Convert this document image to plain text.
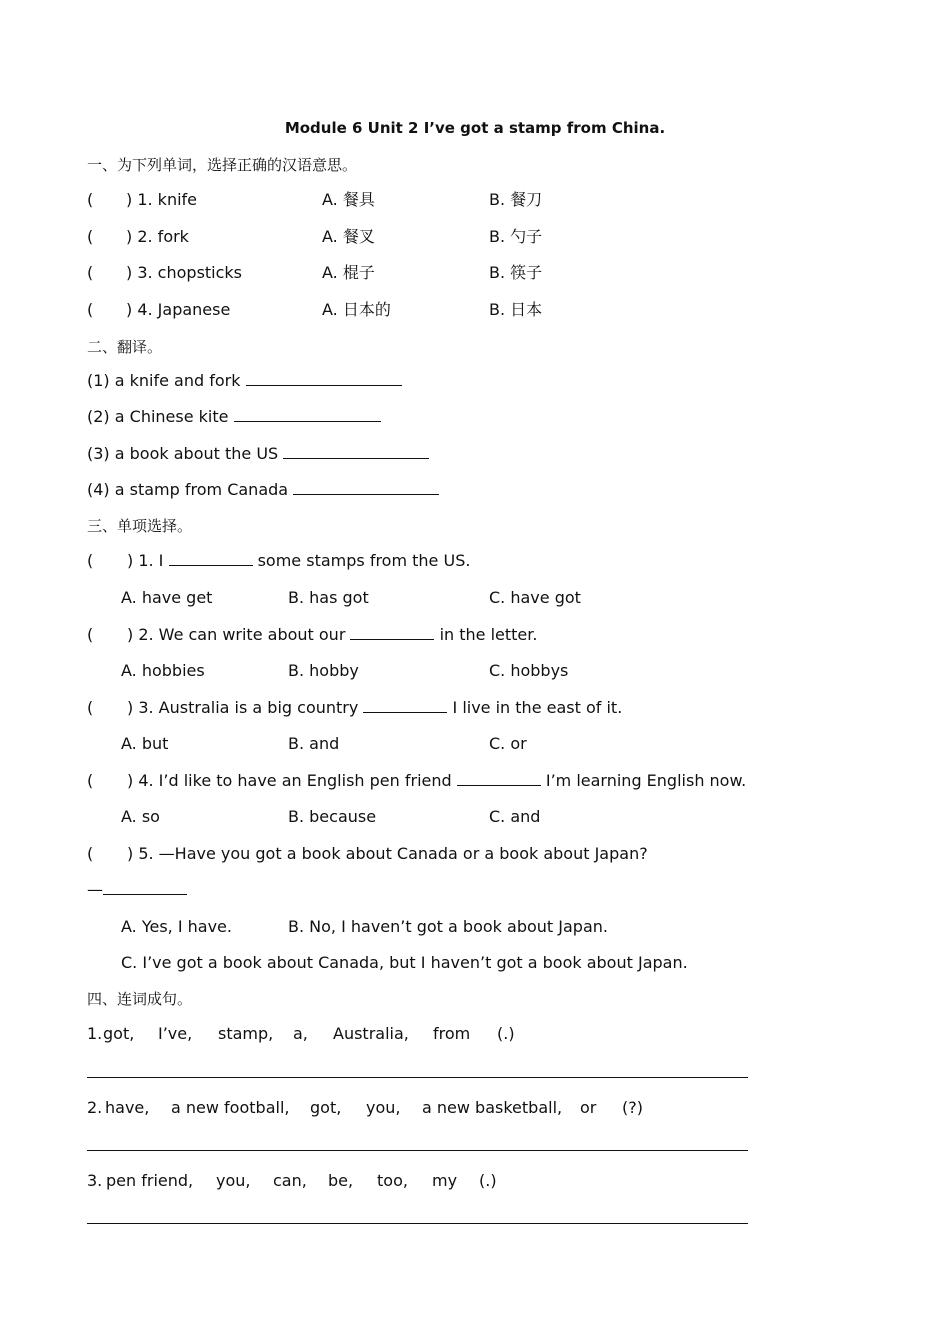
Module 6 Unit 2 I’ve got a stamp from China.
一、为下列单词，选择正确的汉语意思。
( ) 1. knife	A. 餐具	B. 餐刀
( ) 2. fork	A. 餐叉	B. 勺子
( ) 3. chopsticks	A. 棍子	B. 筷子
( ) 4. Japanese	A. 日本的	B. 日本
二、翻译。
(1) a knife and fork
(2) a Chinese kite
(3) a book about the US
(4) a stamp from Canada
三、单项选择。
( ) 1. I	some stamps from the US.
A. have get	B. has got	C. have got
( ) 2. We can write about our	in the letter.
A. hobbies	B. hobby	C. hobbys
( ) 3. Australia is a big country	I live in the east of it.
A. but	B. and	C. or
( ) 4. I’d like to have an English pen friend	I’m learning English now.
A. so	B. because	C. and
( ) 5. —Have you got a book about Canada or a book about Japan?
—
A. Yes, I have.	B. No, I haven’t got a book about Japan.
C. I’ve got a book about Canada, but I haven’t got a book about Japan.
四、连词成句。
1. got, I’ve, stamp, a, Australia, from (.)
2. have, a new football, got, you, a new basketball, or (?)
3. pen friend, you, can, be, too, my (.)
